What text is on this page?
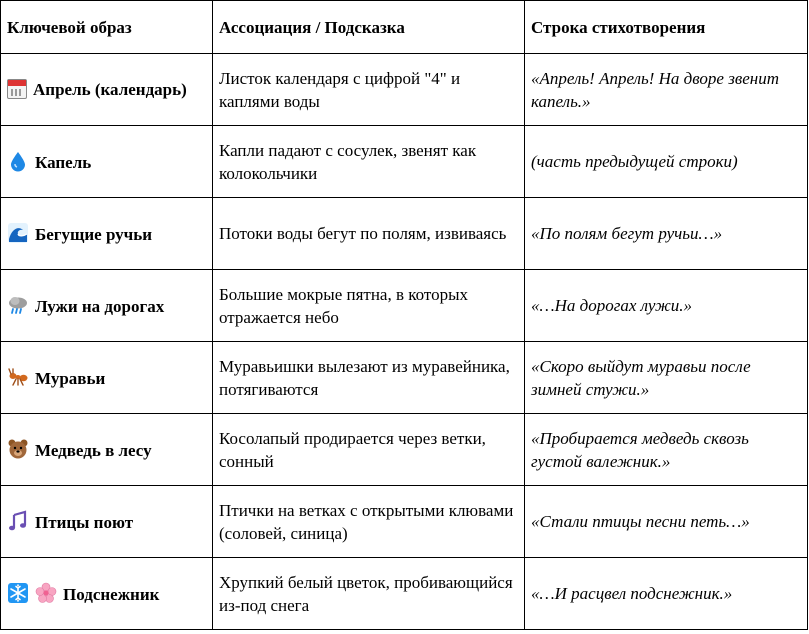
Ключевой образ	Ассоциация / Подсказка	Строка стихотворения
Апрель (календарь)	Листок календаря с цифрой "4" и каплями воды	«Апрель! Апрель! На дворе звенит капель.»

Капель	Капли падают с сосулек, звенят как колокольчики	(часть предыдущей строки)

Бегущие ручьи	Потоки воды бегут по полям, извиваясь	«По полям бегут ручьи…»

Лужи на дорогах	Большие мокрые пятна, в которых отражается небо	«…На дорогах лужи.»

Муравьи	Муравьишки вылезают из муравейника, потягиваются	«Скоро выйдут муравьи после зимней стужи.»

Медведь в лесу	Косолапый продирается через ветки, сонный	«Пробирается медведь сквозь густой валежник.»

Птицы поют	Птички на ветках с открытыми клювами (соловей, синица)	«Стали птицы песни петь…»

Подснежник	Хрупкий белый цветок, пробивающийся из-под снега	«…И расцвел подснежник.»
